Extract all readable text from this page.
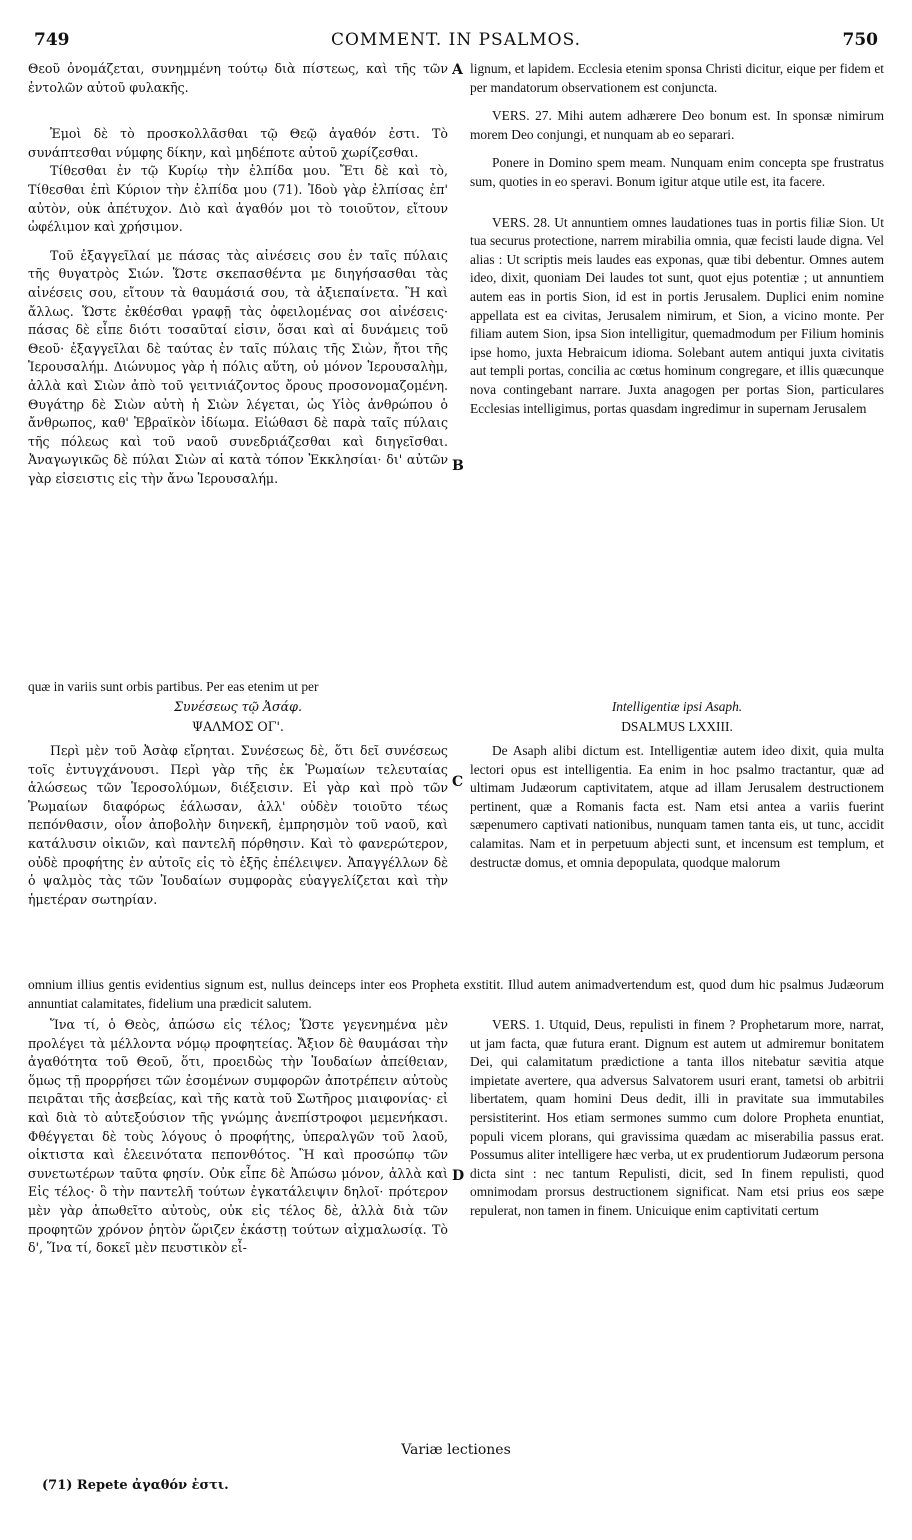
749	COMMENT. IN PSALMOS.	750

Θεοῦ ὀνομάζεται, συνημμένη τούτῳ διὰ πίστεως, καὶ τῆς τῶν ἐντολῶν αὐτοῦ φυλακῆς.

Ἐμοὶ δὲ τὸ προσκολλᾶσθαι τῷ Θεῷ ἀγαθόν ἐστι. Τὸ συνάπτεσθαι νύμφης δίκην, καὶ μηδέποτε αὐτοῦ χωρίζεσθαι.

Τίθεσθαι ἐν τῷ Κυρίῳ τὴν ἐλπίδα μου. Ἔτι δὲ καὶ τὸ, Τίθεσθαι ἐπὶ Κύριον τὴν ἐλπίδα μου (71). Ἰδοὺ γὰρ ἐλπίσας ἐπ' αὐτὸν, οὐκ ἀπέτυχον. Διὸ καὶ ἀγαθόν μοι τὸ τοιοῦτον, εἴτουν ὠφέλιμον καὶ χρήσιμον.

Τοῦ ἐξαγγεῖλαί με πάσας τὰς αἰνέσεις σου ἐν ταῖς πύλαις τῆς θυγατρὸς Σιών. Ὥστε σκεπασθέντα με διηγήσασθαι τὰς αἰνέσεις σου, εἴτουν τὰ θαυμάσιά σου, τὰ ἀξιεπαίνετα. Ἢ καὶ ἄλλως. Ὥστε ἐκθέσθαι γραφῇ τὰς ὀφειλομένας σοι αἰνέσεις· πάσας δὲ εἶπε διότι τοσαῦταί εἰσιν, ὅσαι καὶ αἱ δυνάμεις τοῦ Θεοῦ· ἐξαγγεῖλαι δὲ ταύτας ἐν ταῖς πύλαις τῆς Σιὼν, ἤτοι τῆς Ἱερουσαλήμ. Διώνυμος γὰρ ἡ πόλις αὕτη, οὐ μόνον Ἱερουσαλὴμ, ἀλλὰ καὶ Σιὼν ἀπὸ τοῦ γειτνιάζοντος ὄρους προσονομαζομένη. Θυγάτηρ δὲ Σιὼν αὐτὴ ἡ Σιὼν λέγεται, ὡς Υἱὸς ἀνθρώπου ὁ ἄνθρωπος, καθ' Ἑβραϊκὸν ἰδίωμα. Εἰώθασι δὲ παρὰ ταῖς πύλαις τῆς πόλεως καὶ τοῦ ναοῦ συνεδριάζεσθαι καὶ διηγεῖσθαι. Ἀναγωγικῶς δὲ πύλαι Σιὼν αἱ κατὰ τόπον Ἐκκλησίαι· δι' αὐτῶν γὰρ εἰσειστις εἰς τὴν ἄνω Ἱερουσαλήμ.

lignum, et lapidem. Ecclesia etenim sponsa Christi dicitur, eique per fidem et per mandatorum observationem est conjuncta.

VERS. 27. Mihi autem adhærere Deo bonum est. In sponsæ nimirum morem Deo conjungi, et nunquam ab eo separari.

Ponere in Domino spem meam. Nunquam enim concepta spe frustratus sum, quoties in eo speravi. Bonum igitur atque utile est, ita facere.

VERS. 28. Ut annuntiem omnes laudationes tuas in portis filiæ Sion. Ut tua securus protectione, narrem mirabilia omnia, quæ fecisti laude digna. Vel alias : Ut scriptis meis laudes eas exponas, quæ tibi debentur. Omnes autem ideo, dixit, quoniam Dei laudes tot sunt, quot ejus potentiæ ; ut annuntiem autem eas in portis Sion, id est in portis Jerusalem. Duplici enim nomine appellata est ea civitas, Jerusalem nimirum, et Sion, a vicino monte. Per filiam autem Sion, ipsa Sion intelligitur, quemadmodum per Filium hominis ipse homo, juxta Hebraicum idioma. Solebant autem antiqui juxta civitatis aut templi portas, concilia ac cœtus hominum congregare, et illis quæcunque nova contingebant narrare. Juxta anagogen per portas Sion, particulares Ecclesias intelligimus, portas quasdam ingredimur in supernam Jerusalem

A
B
C
D
quæ in variis sunt orbis partibus. Per eas etenim ut per
Συνέσεως τῷ Ἀσάφ.	Intelligentiæ ipsi Asaph.
ΨΑΛΜΟΣ ΟΓ'.	DSALMUS LXXIII.

Περὶ μὲν τοῦ Ἀσὰφ εἴρηται. Συνέσεως δὲ, ὅτι δεῖ συνέσεως τοῖς ἐντυγχάνουσι. Περὶ γὰρ τῆς ἐκ Ῥωμαίων τελευταίας ἁλώσεως τῶν Ἱεροσολύμων, διέξεισιν. Εἰ γὰρ καὶ πρὸ τῶν Ῥωμαίων διαφόρως ἑάλωσαν, ἀλλ' οὐδὲν τοιοῦτο τέως πεπόνθασιν, οἷον ἀποβολὴν διηνεκῆ, ἐμπρησμὸν τοῦ ναοῦ, καὶ κατάλυσιν οἰκιῶν, καὶ παντελῆ πόρθησιν. Καὶ τὸ φανερώτερον, οὐδὲ προφήτης ἐν αὐτοῖς εἰς τὸ ἑξῆς ἐπέλειψεν. Ἀπαγγέλλων δὲ ὁ ψαλμὸς τὰς τῶν Ἰουδαίων συμφορὰς εὐαγγελίζεται καὶ τὴν ἡμετέραν σωτηρίαν.

De Asaph alibi dictum est. Intelligentiæ autem ideo dixit, quia multa lectori opus est intelligentia. Ea enim in hoc psalmo tractantur, quæ ad ultimam Judæorum captivitatem, atque ad illam Jerusalem destructionem pertinent, quæ a Romanis facta est. Nam etsi antea a variis fuerint sæpenumero captivati nationibus, nunquam tamen tanta eis, ut tunc, accidit calamitas. Nam et in perpetuum abjecti sunt, et incensum est templum, et destructæ domus, et omnia depopulata, quodque malorum

omnium illius gentis evidentius signum est, nullus deinceps inter eos Propheta exstitit. Illud autem animadvertendum est, quod dum hic psalmus Judæorum annuntiat calamitates, fidelium una prædicit salutem.

Ἵνα τί, ὁ Θεὸς, ἀπώσω εἰς τέλος; Ὥστε γεγενημένα μὲν προλέγει τὰ μέλλοντα νόμῳ προφητείας. Ἄξιον δὲ θαυμάσαι τὴν ἀγαθότητα τοῦ Θεοῦ, ὅτι, προειδὼς τὴν Ἰουδαίων ἀπείθειαν, ὅμως τῇ προρρήσει τῶν ἐσομένων συμφορῶν ἀποτρέπειν αὐτοὺς πειρᾶται τῆς ἀσεβείας, καὶ τῆς κατὰ τοῦ Σωτῆρος μιαιφονίας· εἰ καὶ διὰ τὸ αὐτεξούσιον τῆς γνώμης ἀνεπίστροφοι μεμενήκασι. Φθέγγεται δὲ τοὺς λόγους ὁ προφήτης, ὑπεραλγῶν τοῦ λαοῦ, οἰκτιστα καὶ ἐλεεινότατα πεπονθότος. Ἢ καὶ προσώπῳ τῶν συνετωτέρων ταῦτα φησίν. Οὐκ εἶπε δὲ Ἀπώσω μόνον, ἀλλὰ καὶ Εἰς τέλος· ὃ τὴν παντελῆ τούτων ἐγκατάλειψιν δηλοῖ· πρότερον μὲν γὰρ ἀπωθεῖτο αὐτοὺς, οὐκ εἰς τέλος δὲ, ἀλλὰ διὰ τῶν προφητῶν χρόνον ῥητὸν ὥριζεν ἑκάστῃ τούτων αἰχμαλωσίᾳ. Τὸ δ', Ἵνα τί, δοκεῖ μὲν πευστικὸν εἶ-

VERS. 1. Utquid, Deus, repulisti in finem ? Prophetarum more, narrat, ut jam facta, quæ futura erant. Dignum est autem ut admiremur bonitatem Dei, qui calamitatum prædictione a tanta illos nitebatur sævitia atque impietate avertere, qua adversus Salvatorem usuri erant, tametsi ob arbitrii libertatem, quam homini Deus dedit, illi in pravitate sua immutabiles persistiterint. Hos etiam sermones summo cum dolore Propheta enuntiat, populi vicem plorans, qui gravissima quædam ac miserabilia passus erat. Possumus aliter intelligere hæc verba, ut ex prudentiorum Judæorum persona dicta sint : nec tantum Repulisti, dicit, sed In finem repulisti, quod omnimodam prorsus destructionem significat. Nam etsi prius eos sæpe repulerat, non tamen in finem. Unicuique enim captivitati certum

Variæ lectiones
(71) Repete ἀγαθόν ἐστι.
